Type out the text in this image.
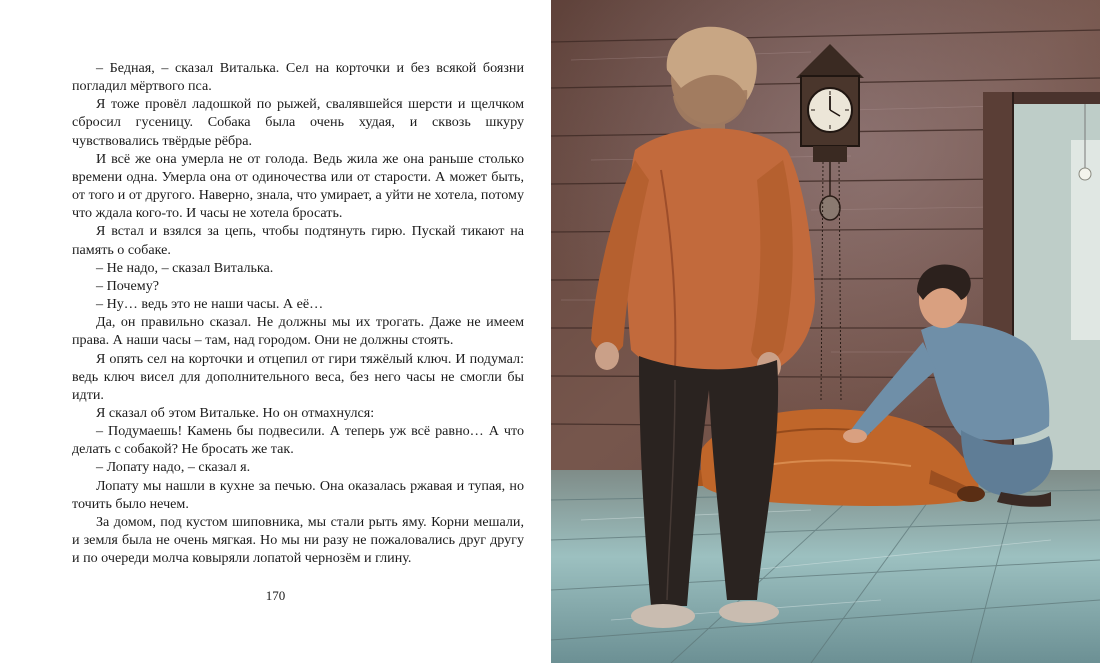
– Бедная, – сказал Виталька. Сел на корточки и без всякой боязни погладил мёртвого пса.

Я тоже провёл ладошкой по рыжей, свалявшейся шерсти и щелчком сбросил гусеницу. Собака была очень худая, и сквозь шкуру чувствовались твёрдые рёбра.

И всё же она умерла не от голода. Ведь жила же она раньше столько времени одна. Умерла она от одиночества или от старости. А может быть, от того и от другого. Наверно, знала, что умирает, а уйти не хотела, потому что ждала кого-то. И часы не хотела бросать.

Я встал и взялся за цепь, чтобы подтянуть гирю. Пускай тикают на память о собаке.

– Не надо, – сказал Виталька.

– Почему?

– Ну… ведь это не наши часы. А её…

Да, он правильно сказал. Не должны мы их трогать. Даже не имеем права. А наши часы – там, над городом. Они не должны стоять.

Я опять сел на корточки и отцепил от гири тяжёлый ключ. И подумал: ведь ключ висел для дополнительного веса, без него часы не смогли бы идти.

Я сказал об этом Витальке. Но он отмахнулся:

– Подумаешь! Камень бы подвесили. А теперь уж всё равно… А что делать с собакой? Не бросать же так.

– Лопату надо, – сказал я.

Лопату мы нашли в кухне за печью. Она оказалась ржавая и тупая, но точить было нечем.

За домом, под кустом шиповника, мы стали рыть яму. Корни мешали, и земля была не очень мягкая. Но мы ни разу не пожаловались друг другу и по очереди молча ковыряли лопатой чернозём и глину.

170
